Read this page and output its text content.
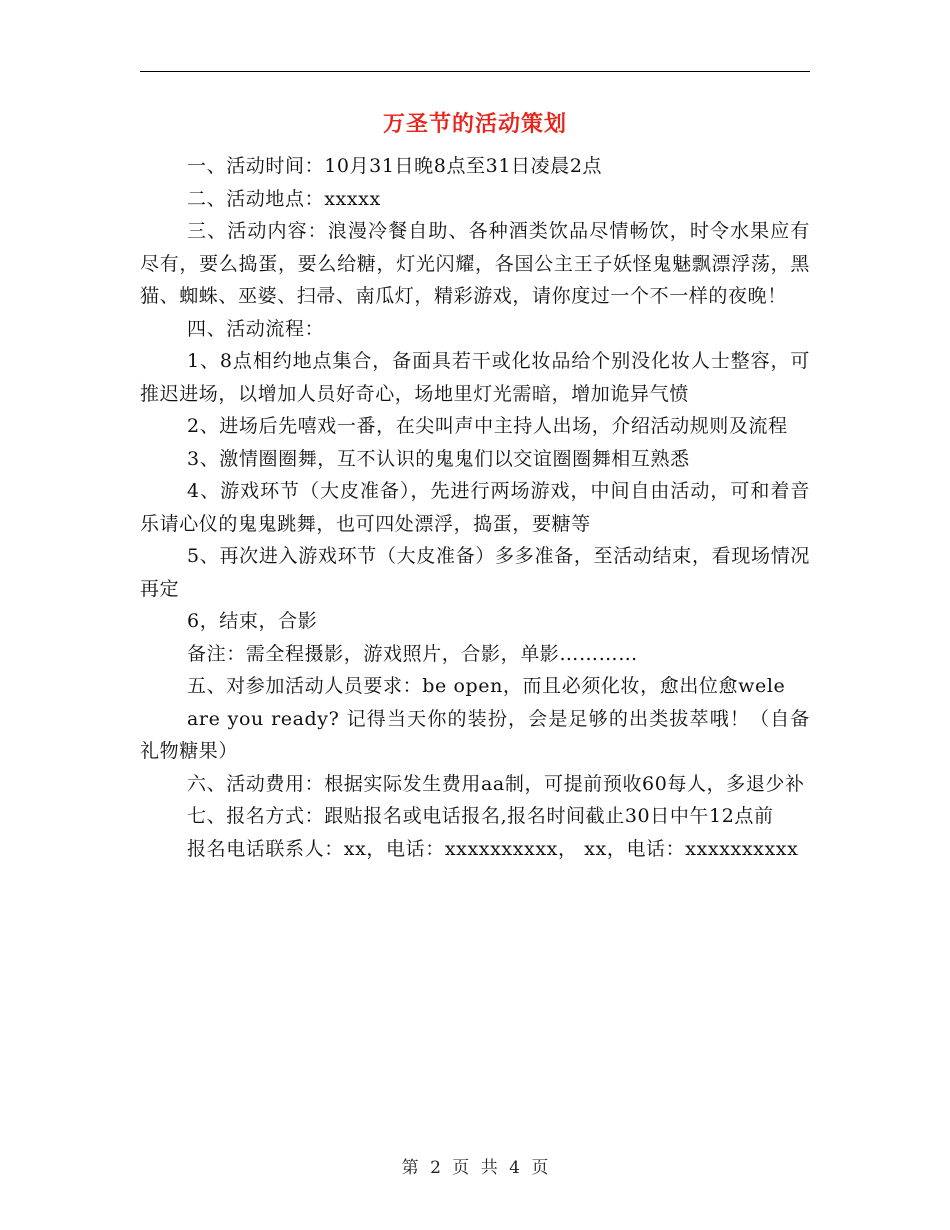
万圣节的活动策划

一、活动时间：10月31日晚8点至31日凌晨2点

二、活动地点：xxxxx

三、活动内容：浪漫冷餐自助、各种酒类饮品尽情畅饮，时令水果应有尽有，要么捣蛋，要么给糖，灯光闪耀，各国公主王子妖怪鬼魅飘漂浮荡，黑猫、蜘蛛、巫婆、扫帚、南瓜灯，精彩游戏，请你度过一个不一样的夜晚！

四、活动流程：

1、8点相约地点集合，备面具若干或化妆品给个别没化妆人士整容，可推迟进场，以增加人员好奇心，场地里灯光需暗，增加诡异气愤

2、进场后先嘻戏一番，在尖叫声中主持人出场，介绍活动规则及流程

3、激情圈圈舞，互不认识的鬼鬼们以交谊圈圈舞相互熟悉

4、游戏环节（大皮准备），先进行两场游戏，中间自由活动，可和着音乐请心仪的鬼鬼跳舞，也可四处漂浮，捣蛋，要糖等

5、再次进入游戏环节（大皮准备）多多准备，至活动结束，看现场情况再定

6，结束，合影

备注：需全程摄影，游戏照片，合影，单影…………

五、对参加活动人员要求：be open，而且必须化妆，愈出位愈wele

are you ready? 记得当天你的装扮，会是足够的出类拔萃哦！（自备礼物糖果）

六、活动费用：根据实际发生费用aa制，可提前预收60每人，多退少补

七、报名方式：跟贴报名或电话报名,报名时间截止30日中午12点前

报名电话联系人：xx，电话：xxxxxxxxxx， xx，电话：xxxxxxxxxx

第 2 页 共 4 页
